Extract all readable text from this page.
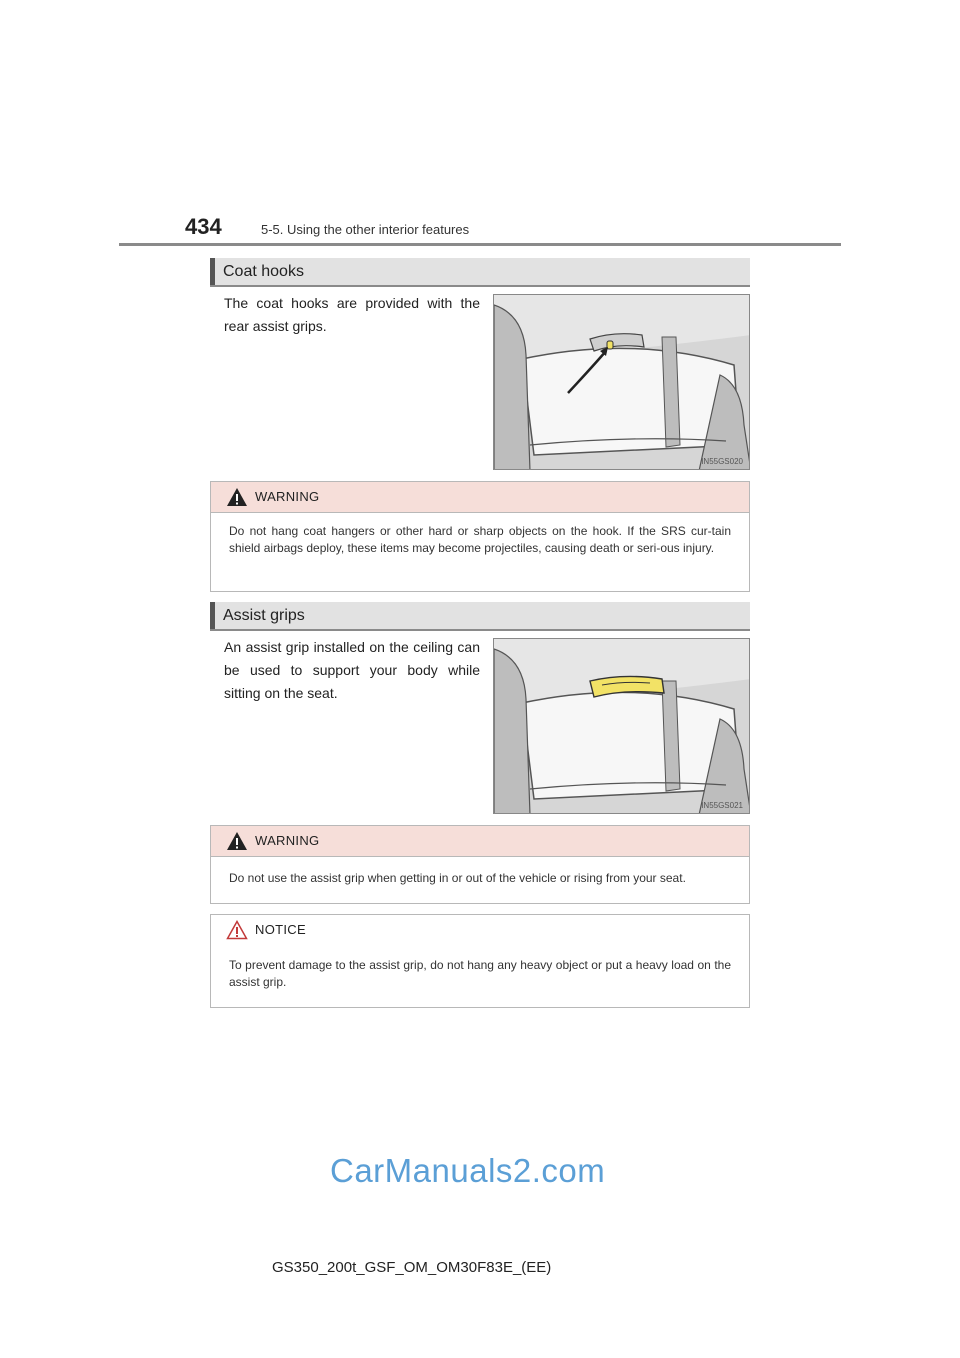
434	5-5. Using the other interior features
Coat hooks
The coat hooks are provided with the rear assist grips.
IN55GS020
WARNING
Do not hang coat hangers or other hard or sharp objects on the hook. If the SRS cur-tain shield airbags deploy, these items may become projectiles, causing death or seri-ous injury.
Assist grips
An assist grip installed on the ceiling can be used to support your body while sitting on the seat.
IN55GS021
WARNING
Do not use the assist grip when getting in or out of the vehicle or rising from your seat.
NOTICE
To prevent damage to the assist grip, do not hang any heavy object or put a heavy load on the assist grip.
CarManuals2.com
GS350_200t_GSF_OM_OM30F83E_(EE)
